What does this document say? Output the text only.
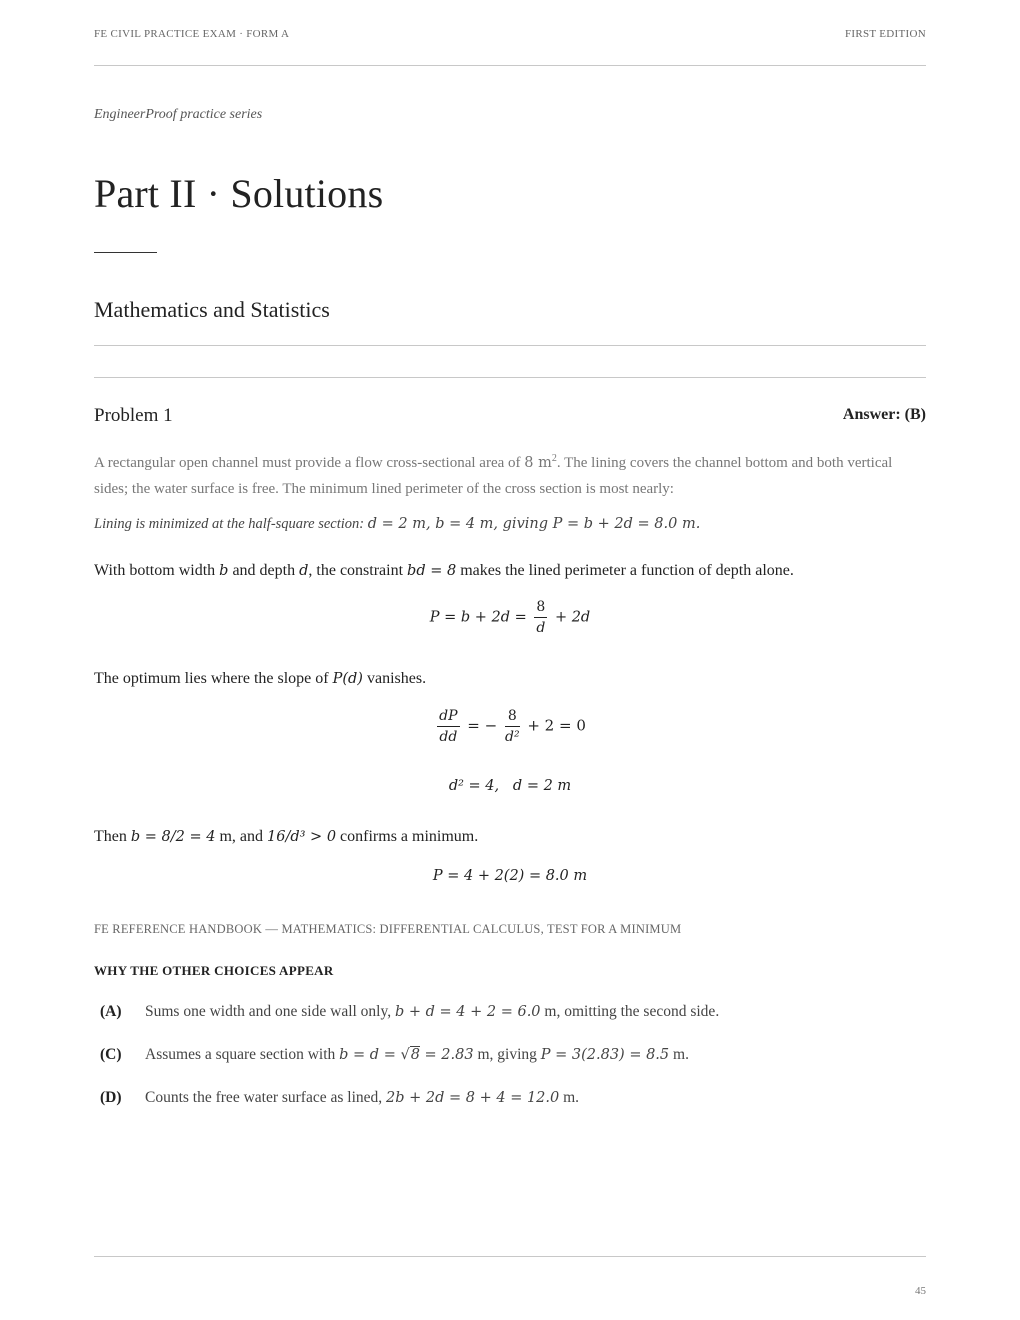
FE CIVIL PRACTICE EXAM · FORM A	FIRST EDITION
EngineerProof practice series
Part II · Solutions
Mathematics and Statistics
Problem 1	Answer: (B)
A rectangular open channel must provide a flow cross-sectional area of 8 $m^2$. The lining covers the channel bottom and both vertical sides; the water surface is free. The minimum lined perimeter of the cross section is most nearly:
Lining is minimized at the half-square section: d = 2 m, b = 4 m, giving P = b + 2d = 8.0 m.
With bottom width b and depth d, the constraint bd = 8 makes the lined perimeter a function of depth alone.
$P = b + 2d = \frac{8}{d} + 2d$
The optimum lies where the slope of P(d) vanishes.
$\frac{dP}{dd}$ = − $\frac{8}{\text{d²}} + 2 = 0$
d² = 4,   d = 2 m
Then b = 8/2 = 4 m, and 16/d³ > 0 confirms a minimum.
P = 4 + 2(2) = 8.0 m
FE REFERENCE HANDBOOK — MATHEMATICS: DIFFERENTIAL CALCULUS, TEST FOR A MINIMUM
WHY THE OTHER CHOICES APPEAR
(A) Sums one width and one side wall only, b + d = 4 + 2 = 6.0 m, omitting the second side.
(C) Assumes a square section with b = d = √8 = 2.83 m, giving P = 3(2.83) = 8.5 m.
(D) Counts the free water surface as lined, 2b + 2d = 8 + 4 = 12.0 m.
45
